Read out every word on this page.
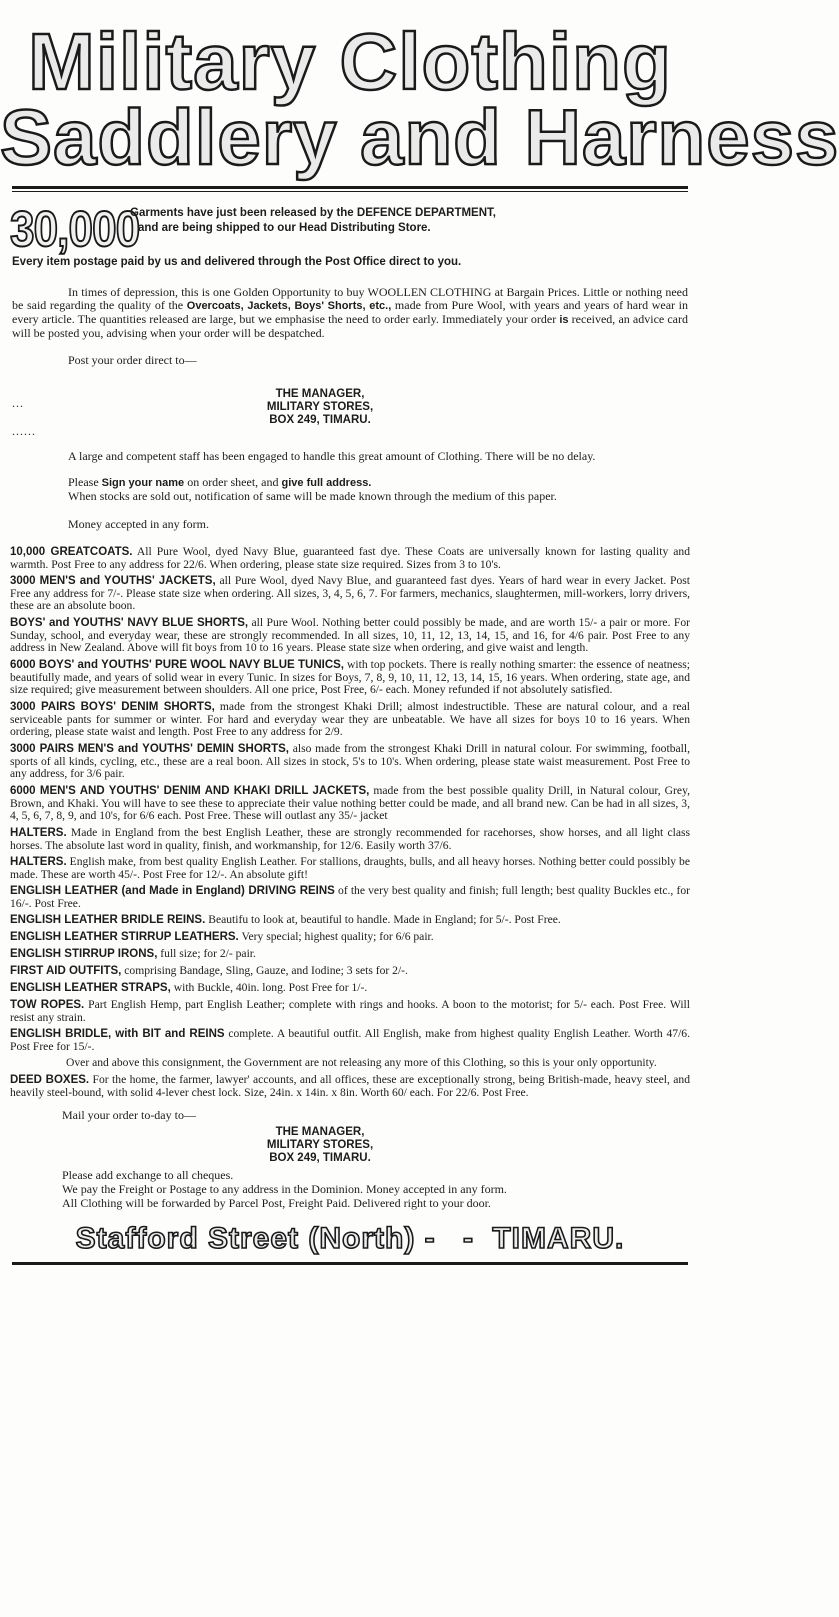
Military Clothing
Saddlery and Harness
30,000
Garments have just been released by the DEFENCE DEPARTMENT,
and are being shipped to our Head Distributing Store.
Every item postage paid by us and delivered through the Post Office direct to you.
In times of depression, this is one Golden Opportunity to buy WOOLLEN CLOTHING at Bargain Prices. Little or nothing need be said regarding the quality of the Overcoats, Jackets, Boys' Shorts, etc., made from Pure Wool, with years and years of hard wear in every article. The quantities released are large, but we emphasise the need to order early. Immediately your order is received, an advice card will be posted you, advising when your order will be despatched.
Post your order direct to—
...
......
THE MANAGER,
MILITARY STORES,
BOX 249, TIMARU.
A large and competent staff has been engaged to handle this great amount of Clothing. There will be no delay.
Please Sign your name on order sheet, and give full address.
When stocks are sold out, notification of same will be made known through the medium of this paper.
Money accepted in any form.
10,000 GREATCOATS. All Pure Wool, dyed Navy Blue, guaranteed fast dye. These Coats are universally known for lasting quality and warmth. Post Free to any address for 22/6. When ordering, please state size required. Sizes from 3 to 10's.
3000 MEN'S and YOUTHS' JACKETS, all Pure Wool, dyed Navy Blue, and guaranteed fast dyes. Years of hard wear in every Jacket. Post Free any address for 7/-. Please state size when ordering. All sizes, 3, 4, 5, 6, 7. For farmers, mechanics, slaughtermen, mill-workers, lorry drivers, these are an absolute boon.
BOYS' and YOUTHS' NAVY BLUE SHORTS, all Pure Wool. Nothing better could possibly be made, and are worth 15/- a pair or more. For Sunday, school, and everyday wear, these are strongly recommended. In all sizes, 10, 11, 12, 13, 14, 15, and 16, for 4/6 pair. Post Free to any address in New Zealand. Above will fit boys from 10 to 16 years. Please state size when ordering, and give waist and length.
6000 BOYS' and YOUTHS' PURE WOOL NAVY BLUE TUNICS, with top pockets. There is really nothing smarter: the essence of neatness; beautifully made, and years of solid wear in every Tunic. In sizes for Boys, 7, 8, 9, 10, 11, 12, 13, 14, 15, 16 years. When ordering, state age, and size required; give measurement between shoulders. All one price, Post Free, 6/- each. Money refunded if not absolutely satisfied.
3000 PAIRS BOYS' DENIM SHORTS, made from the strongest Khaki Drill; almost indestructible. These are natural colour, and a real serviceable pants for summer or winter. For hard and everyday wear they are unbeatable. We have all sizes for boys 10 to 16 years. When ordering, please state waist and length. Post Free to any address for 2/9.
3000 PAIRS MEN'S and YOUTHS' DEMIN SHORTS, also made from the strongest Khaki Drill in natural colour. For swimming, football, sports of all kinds, cycling, etc., these are a real boon. All sizes in stock, 5's to 10's. When ordering, please state waist measurement. Post Free to any address, for 3/6 pair.
6000 MEN'S AND YOUTHS' DENIM AND KHAKI DRILL JACKETS, made from the best possible quality Drill, in Natural colour, Grey, Brown, and Khaki. You will have to see these to appreciate their value nothing better could be made, and all brand new. Can be had in all sizes, 3, 4, 5, 6, 7, 8, 9, and 10's, for 6/6 each. Post Free. These will outlast any 35/- jacket
HALTERS. Made in England from the best English Leather, these are strongly recommended for racehorses, show horses, and all light class horses. The absolute last word in quality, finish, and workmanship, for 12/6. Easily worth 37/6.
HALTERS. English make, from best quality English Leather. For stallions, draughts, bulls, and all heavy horses. Nothing better could possibly be made. These are worth 45/-. Post Free for 12/-. An absolute gift!
ENGLISH LEATHER (and Made in England) DRIVING REINS of the very best quality and finish; full length; best quality Buckles etc., for 16/-. Post Free.
ENGLISH LEATHER BRIDLE REINS. Beautifu to look at, beautiful to handle. Made in England; for 5/-. Post Free.
ENGLISH LEATHER STIRRUP LEATHERS. Very special; highest quality; for 6/6 pair.
ENGLISH STIRRUP IRONS, full size; for 2/- pair.
FIRST AID OUTFITS, comprising Bandage, Sling, Gauze, and Iodine; 3 sets for 2/-.
ENGLISH LEATHER STRAPS, with Buckle, 40in. long. Post Free for 1/-.
TOW ROPES. Part English Hemp, part English Leather; complete with rings and hooks. A boon to the motorist; for 5/- each. Post Free. Will resist any strain.
ENGLISH BRIDLE, with BIT and REINS complete. A beautiful outfit. All English, make from highest quality English Leather. Worth 47/6. Post Free for 15/-.
Over and above this consignment, the Government are not releasing any more of this Clothing, so this is your only opportunity.
DEED BOXES. For the home, the farmer, lawyer' accounts, and all offices, these are exceptionally strong, being British-made, heavy steel, and heavily steel-bound, with solid 4-lever chest lock. Size, 24in. x 14in. x 8in. Worth 60/ each. For 22/6. Post Free.
Mail your order to-day to—
THE MANAGER,
MILITARY STORES,
BOX 249, TIMARU.
Please add exchange to all cheques.
We pay the Freight or Postage to any address in the Dominion. Money accepted in any form.
All Clothing will be forwarded by Parcel Post, Freight Paid. Delivered right to your door.
Stafford Street (North) - - TIMARU.
